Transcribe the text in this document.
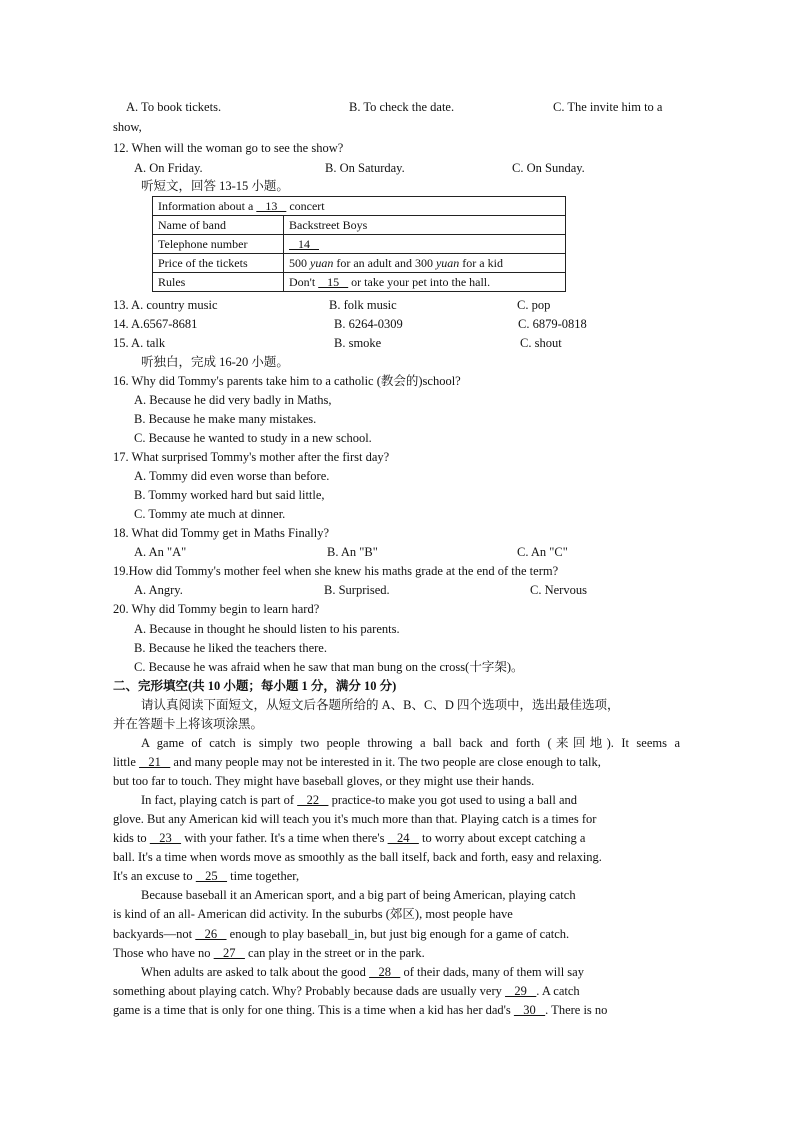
A. To book tickets.	B. To check the date.	C. The invite him to a
show,
12. When will the woman go to see the show?
A. On Friday.	B. On Saturday.	C. On Sunday.
听短文，回答 13-15 小题。
Information about a    13    concert	
Name of band	Backstreet Boys
Telephone number	14
Price of the tickets	500 yuan for an adult and 300 yuan for a kid
Rules	Don't    15    or take your pet into the hall.
13. A. country music	B. folk music	C. pop
14. A.6567-8681	B. 6264-0309	C. 6879-0818
15. A. talk	B. smoke	C. shout
听独白，完成 16-20 小题。
16. Why did Tommy's parents take him to a catholic (教会的)school?
A. Because he did very badly in Maths,
B. Because he make many mistakes.
C. Because he wanted to study in a new school.
17. What surprised Tommy's mother after the first day?
A. Tommy did even worse than before.
B. Tommy worked hard but said little,
C. Tommy ate much at dinner.
18. What did Tommy get in Maths Finally?
A. An "A"	B. An "B"	C. An "C"
19.How did Tommy's mother feel when she knew his maths grade at the end of the term?
A. Angry.	B. Surprised.	C. Nervous
20. Why did Tommy begin to learn hard?
A. Because in thought he should listen to his parents.
B. Because he liked the teachers there.
C. Because he was afraid when he saw that man bung on the cross(十字架)。
二、完形填空(共 10 小题；每小题 1 分，满分 10 分)
请认真阅读下面短文，从短文后各题所给的 A、B、C、D 四个选项中，选出最佳选项，
并在答题卡上将该项涂黑。
A game of catch is simply two people throwing a ball back and forth (来回地). It seems a
little    21    and many people may not be interested in it. The two people are close enough to talk,
but too far to touch. They might have baseball gloves, or they might use their hands.
In fact, playing catch is part of    22    practice-to make you got used to using a ball and
glove. But any American kid will teach you it's much more than that. Playing catch is a times for
kids to    23    with your father. It's a time when there's    24    to worry about except catching a
ball. It's a time when words move as smoothly as the ball itself, back and forth, easy and relaxing.
It's an excuse to    25    time together,
Because baseball it an American sport, and a big part of being American, playing catch
is kind of an all- American did activity. In the suburbs (郊区), most people have
backyards—not    26    enough to play baseball_in, but just big enough for a game of catch.
Those who have no    27    can play in the street or in the park.
When adults are asked to talk about the good    28    of their dads, many of them will say
something about playing catch. Why? Probably because dads are usually very    29   . A catch
game is a time that is only for one thing. This is a time when a kid has her dad's    30   . There is no
